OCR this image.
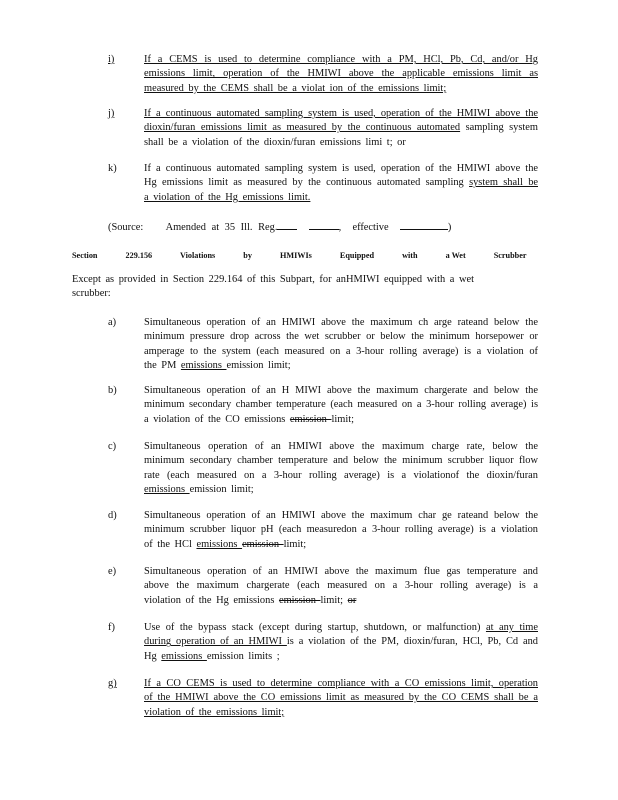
i)	If a CEMS is used to determine compliance with a PM, HCl, Pb, Cd, and/or Hg emissions limit, operation of the HMIWI above the applicable emissions limit as measured by the CEMS shall be a violat ion of the emissions limit;
j)	If a continuous automated sampling system is used, operation of the HMIWI above the dioxin/furan emissions limit as measured by the continuous automated sampling system shall be a violation of the dioxin/furan emissions limi t; or
k)	If a continuous automated sampling system is used, operation of the HMIWI above the Hg emissions limit as measured by the continuous automated sampling system shall be a violation of the Hg emissions limit.
(Source: Amended at 35 Ill. Reg.	, effective	)
Section	229.156	Violations	by	HMIWIs	Equipped	with	a Wet	Scrubber
Except as provided in Section 229.164 of this Subpart, for anHMIWI equipped with a wet scrubber:
a)	Simultaneous operation of an HMIWI above the maximum ch arge rateand below the minimum pressure drop across the wet scrubber or below the minimum horsepower or amperage to the system (each measured on a 3-hour rolling average) is a violation of the PM emissions emission limit;
b)	Simultaneous operation of an H MIWI above the maximum chargerate and below the minimum secondary chamber temperature (each measured on a 3-hour rolling average) is a violation of the CO emissions emission limit;
c)	Simultaneous operation of an HMIWI above the maximum charge rate, below the minimum secondary chamber temperature and below the minimum scrubber liquor flow rate (each measured on a 3-hour rolling average) is a violationof the dioxin/furan emissions emission limit;
d)	Simultaneous operation of an HMIWI above the maximum char ge rateand below the minimum scrubber liquor pH (each measuredon a 3-hour rolling average) is a violation of the HCl emissions emission limit;
e)	Simultaneous operation of an HMIWI above the maximum flue gas temperature and above the maximum chargerate (each measured on a 3-hour rolling average) is a violation of the Hg emissions emission limit; or
f)	Use of the bypass stack (except during startup, shutdown, or malfunction) at any time during operation of an HMIWI is a violation of the PM, dioxin/furan, HCl, Pb, Cd and Hg emissions emission limits ;
g)	If a CO CEMS is used to determine compliance with a CO emissions limit, operation of the HMIWI above the CO emissions limit as measured by the CO CEMS shall be a violation of the emissions limit;
